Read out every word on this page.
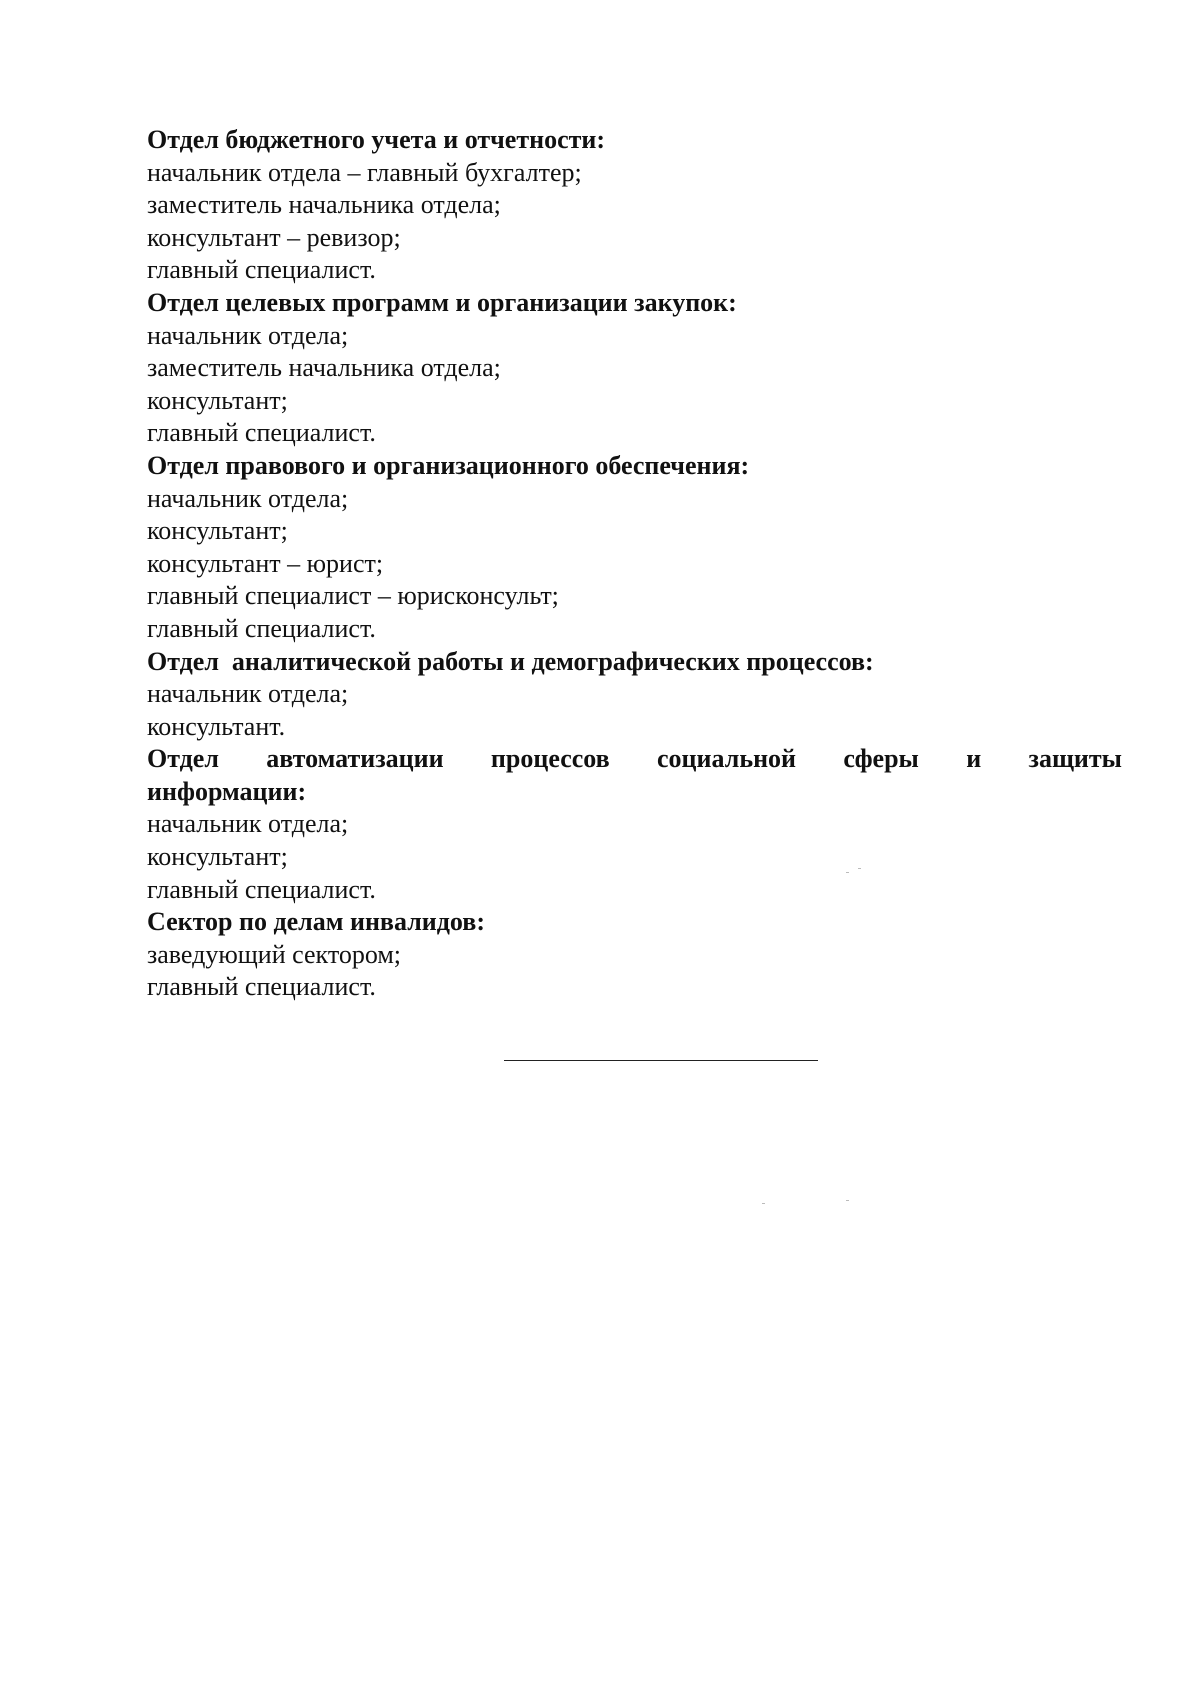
Отдел бюджетного учета и отчетности:

начальник отдела – главный бухгалтер;

заместитель начальника отдела;

консультант – ревизор;

главный специалист.

Отдел целевых программ и организации закупок:

начальник отдела;

заместитель начальника отдела;

консультант;

главный специалист.

Отдел правового и организационного обеспечения:

начальник отдела;

консультант;

консультант – юрист;

главный специалист – юрисконсульт;

главный специалист.

Отдел  аналитической работы и демографических процессов:

начальник отдела;

консультант.

Отдел автоматизации процессов социальной сферы и защиты
информации:

начальник отдела;

консультант;

главный специалист.

Сектор по делам инвалидов:

заведующий сектором;

главный специалист.
